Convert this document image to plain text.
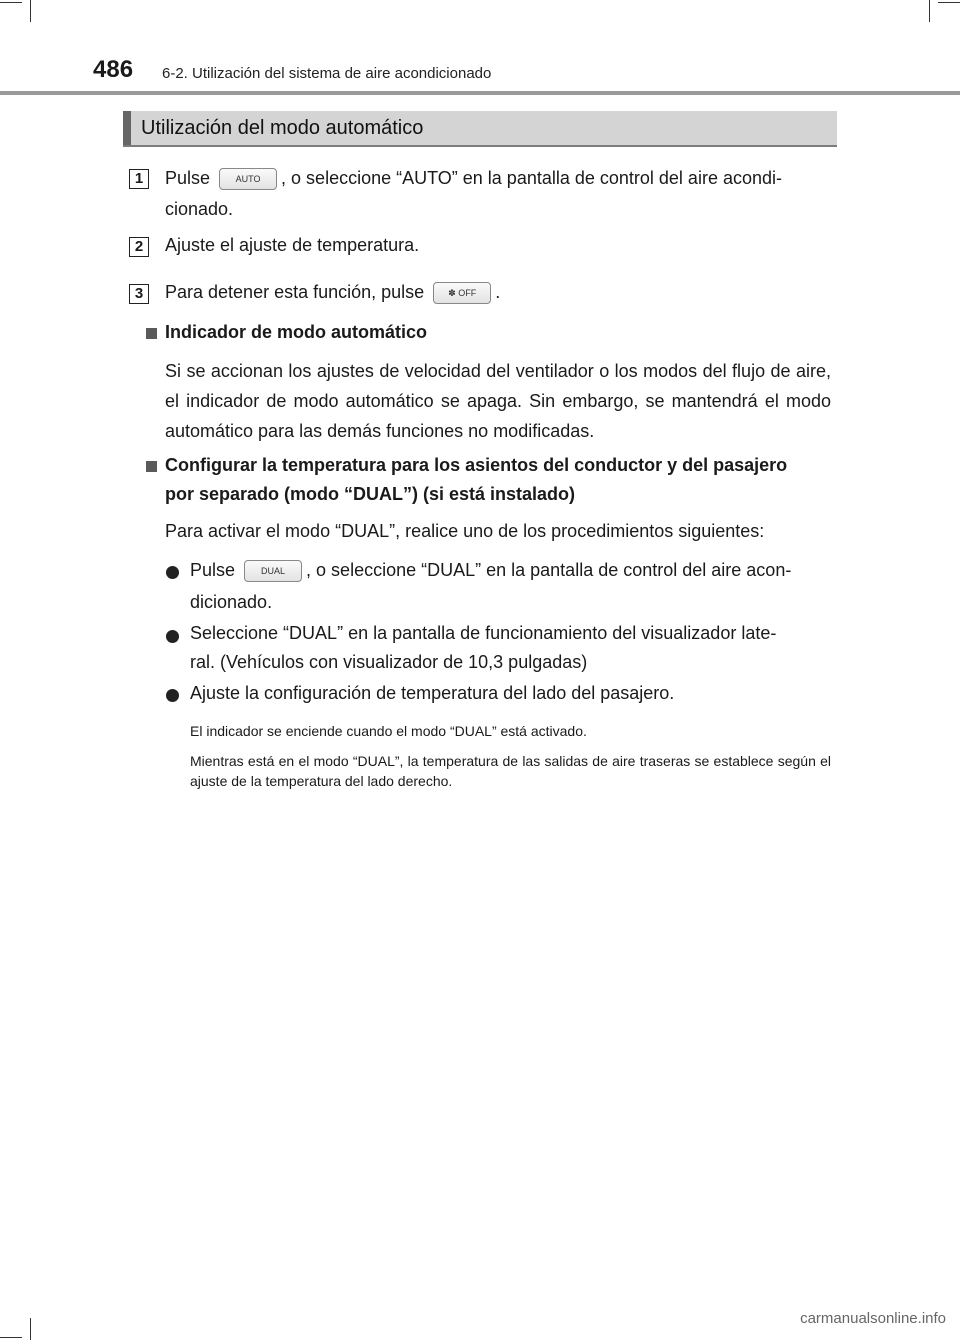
486 6-2. Utilización del sistema de aire acondicionado
Utilización del modo automático
1	Pulse	AUTO , o seleccione “AUTO” en la pantalla de control del aire acondi-
cionado.
2	Ajuste el ajuste de temperatura.
3	Para detener esta función, pulse	✽ OFF .
Indicador de modo automático
Si se accionan los ajustes de velocidad del ventilador o los modos del flujo de aire, el indicador de modo automático se apaga. Sin embargo, se mantendrá el modo automático para las demás funciones no modificadas.
Configurar la temperatura para los asientos del conductor y del pasajero
por separado (modo “DUAL”) (si está instalado)
Para activar el modo “DUAL”, realice uno de los procedimientos siguientes:
Pulse	DUAL , o seleccione “DUAL” en la pantalla de control del aire acon-
dicionado.
Seleccione “DUAL” en la pantalla de funcionamiento del visualizador late-
ral. (Vehículos con visualizador de 10,3 pulgadas)
Ajuste la configuración de temperatura del lado del pasajero.
El indicador se enciende cuando el modo “DUAL” está activado.
Mientras está en el modo “DUAL”, la temperatura de las salidas de aire traseras se establece según el ajuste de la temperatura del lado derecho.
carmanualsonline.info
